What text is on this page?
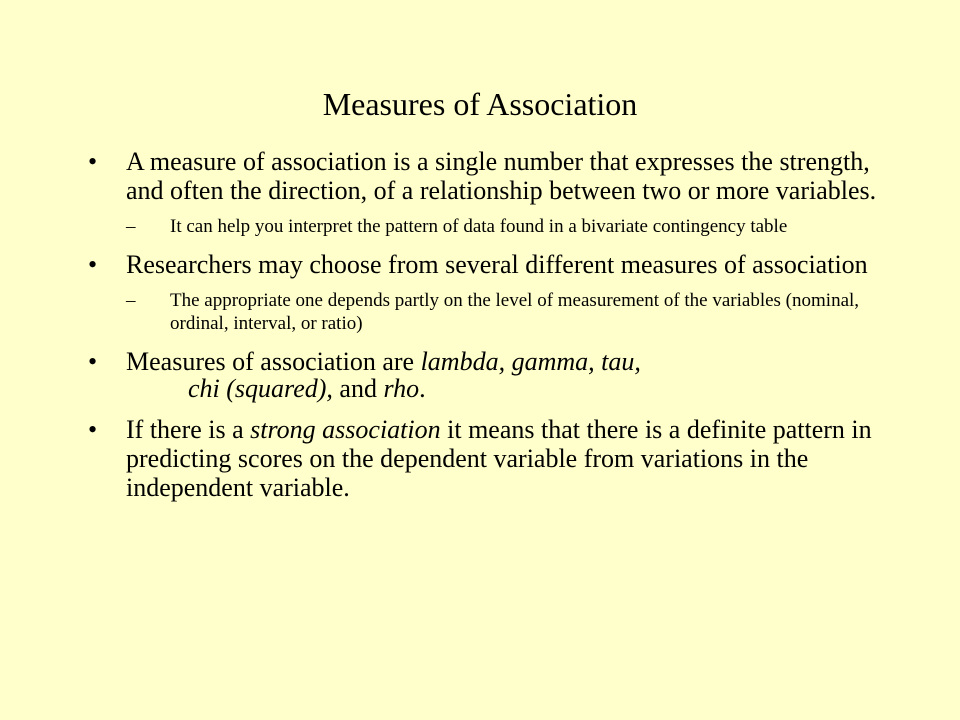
Measures of Association
•	A measure of association is a single number that expresses the strength, and often the direction, of a relationship between two or more variables.
– It can help you interpret the pattern of data found in a bivariate contingency table
•	Researchers may choose from several different measures of association
– The appropriate one depends partly on the level of measurement of the variables (nominal, ordinal, interval, or ratio)
•	Measures of association are lambda, gamma, tau,
chi (squared), and rho.
•	If there is a strong association it means that there is a definite pattern in predicting scores on the dependent variable from variations in the independent variable.
